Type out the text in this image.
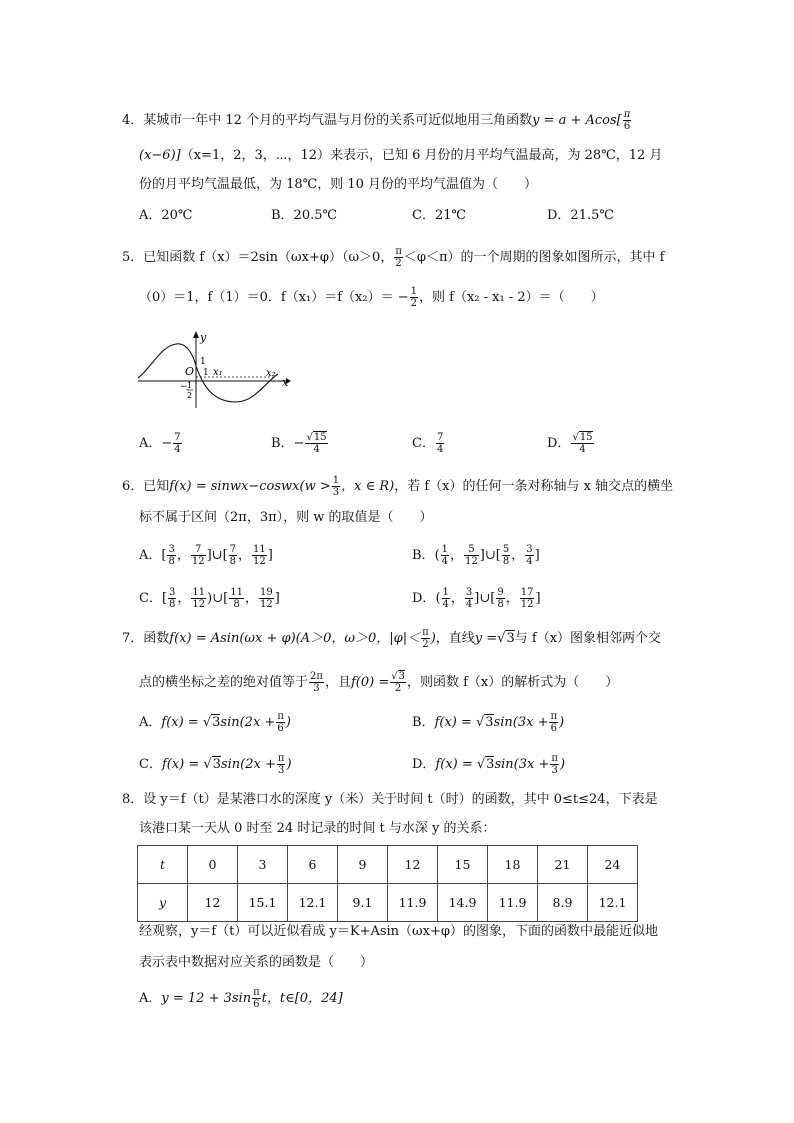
4．某城市一年中 12 个月的平均气温与月份的关系可近似地用三角函数$y = a + Acos[ \frac{\pi}{6}$
(x−6)]（x=1，2，3，⋯，12）来表示，已知 6 月份的月平均气温最高，为 28℃，12 月
份的月平均气温最低，为 18℃，则 10 月份的平均气温值为（　　）
A．20℃	B．20.5℃	C．21℃	D．21.5℃
5．已知函数 f（x）＝2sin（ωx+φ）（ω＞0， $\frac{\pi}{2} <\varphi<\pi$）的一个周期的图象如图所示，其中 f
（0）＝1，f（1）＝0．$f(x_1)=f(x_2)= - \frac{1}{2}$ ，则 f（x₂ - x₁ - 2）＝（　　）
y
1
O 1 x₁	x₂
x
− 1
2
A．− $\frac{7}{4}$	B．− $\frac{√15}{4}$	C． $\frac{7}{4}$	D． $\frac{√15}{4}$
6．已知f(x) = sinwx−coswx(w > $\frac{1}{3}$ ，x ∈ R)，若 f（x）的任何一条对称轴与 x 轴交点的横坐
标不属于区间（2π，3π），则 w 的取值是（　　）
A．[ $\frac{3}{8}$ ， $\frac{7}{12}$ ]∪[ $\frac{7}{8}$ ， $\frac{11}{12}$ ]	B．( $\frac{1}{4}$ ， $\frac{5}{12}$ ]∪[ $\frac{5}{8}$ ， $\frac{3}{4}$ ]
C．[ $\frac{3}{8}$ ， $\frac{11}{12}$ )∪[ $\frac{11}{8}$ ， $\frac{19}{12}$ ]	D．( $\frac{1}{4}$ ， $\frac{3}{4}$ ]∪[ $\frac{9}{8}$ ， $\frac{17}{12}$ ]
7．函数f(x) = Asin(ωx + φ)(A＞0，ω＞0，$|\varphi|< \frac{\pi}{2}$ )，直线y =√3与 f（x）图象相邻两个交
点的横坐标之差的绝对值等于 $\frac{2\pi}{3}$ ，且$f(0) = \frac{√3}{2}$ ，则函数 f（x）的解析式为（　　）
A．$f(x) = √3\sin(2x + \frac{\pi}{6}$ )	B．$f(x) = √3\sin(3x + \frac{\pi}{6}$ )
C．$f(x) = √3\sin(2x + \frac{\pi}{3}$ )	D．$f(x) = √3\sin(3x + \frac{\pi}{3}$ )
8．设 y＝f（t）是某港口水的深度 y（米）关于时间 t（时）的函数，其中 0≤t≤24，下表是
该港口某一天从 0 时至 24 时记录的时间 t 与水深 y 的关系：
t	0	3	6	9	12	15	18	21	24
y	12	15.1	12.1	9.1	11.9	14.9	11.9	8.9	12.1
经观察，y＝f（t）可以近似看成 y＝K+Asin（ωx+φ）的图象，下面的函数中最能近似地
表示表中数据对应关系的函数是（　　）
A．$y = 12 + 3\sin \frac{\pi}{6}$ t，t∈[0，24]
